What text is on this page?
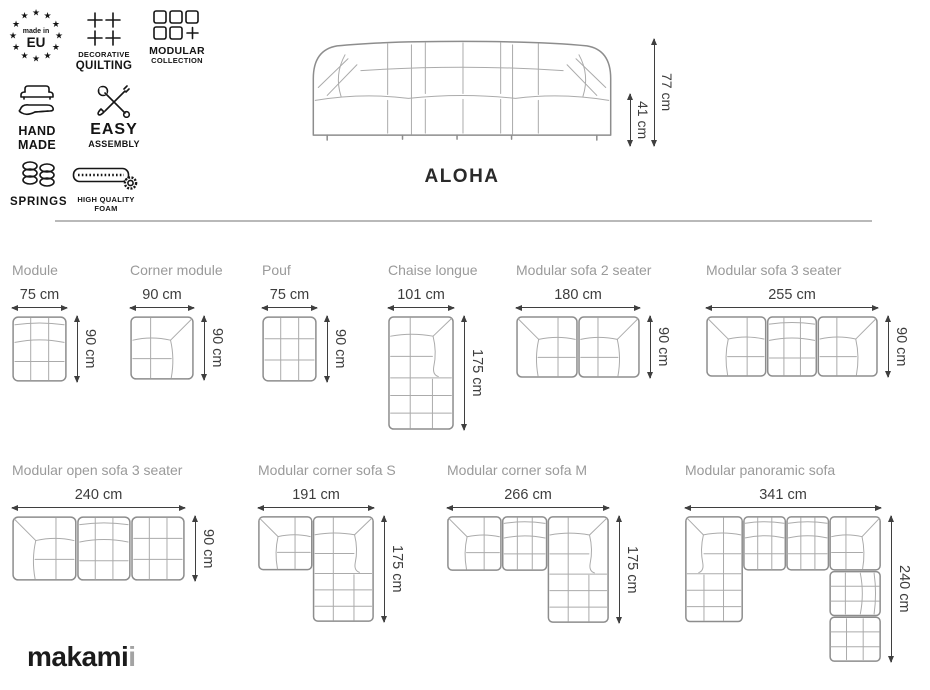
★ ★
★
★
★
★
★
★
★
★
★
★
made in
EU
DECORATIVE
QUILTING
MODULAR
COLLECTION
HAND
MADE
EASY
ASSEMBLY
SPRINGS	HIGH QUALITY
FOAM
41 cm
77 cm
ALOHA
Module
75 cm
90 cm
Corner module
90 cm
90 cm
Pouf
75 cm
90 cm
Chaise longue
101 cm
175 cm
Modular sofa 2 seater
180 cm
90 cm
Modular sofa 3 seater
255 cm
90 cm
Modular open sofa 3 seater
240 cm
90 cm
Modular corner sofa S
191 cm
175 cm
Modular corner sofa M
266 cm
175 cm
Modular panoramic sofa
341 cm
240 cm
makamii
